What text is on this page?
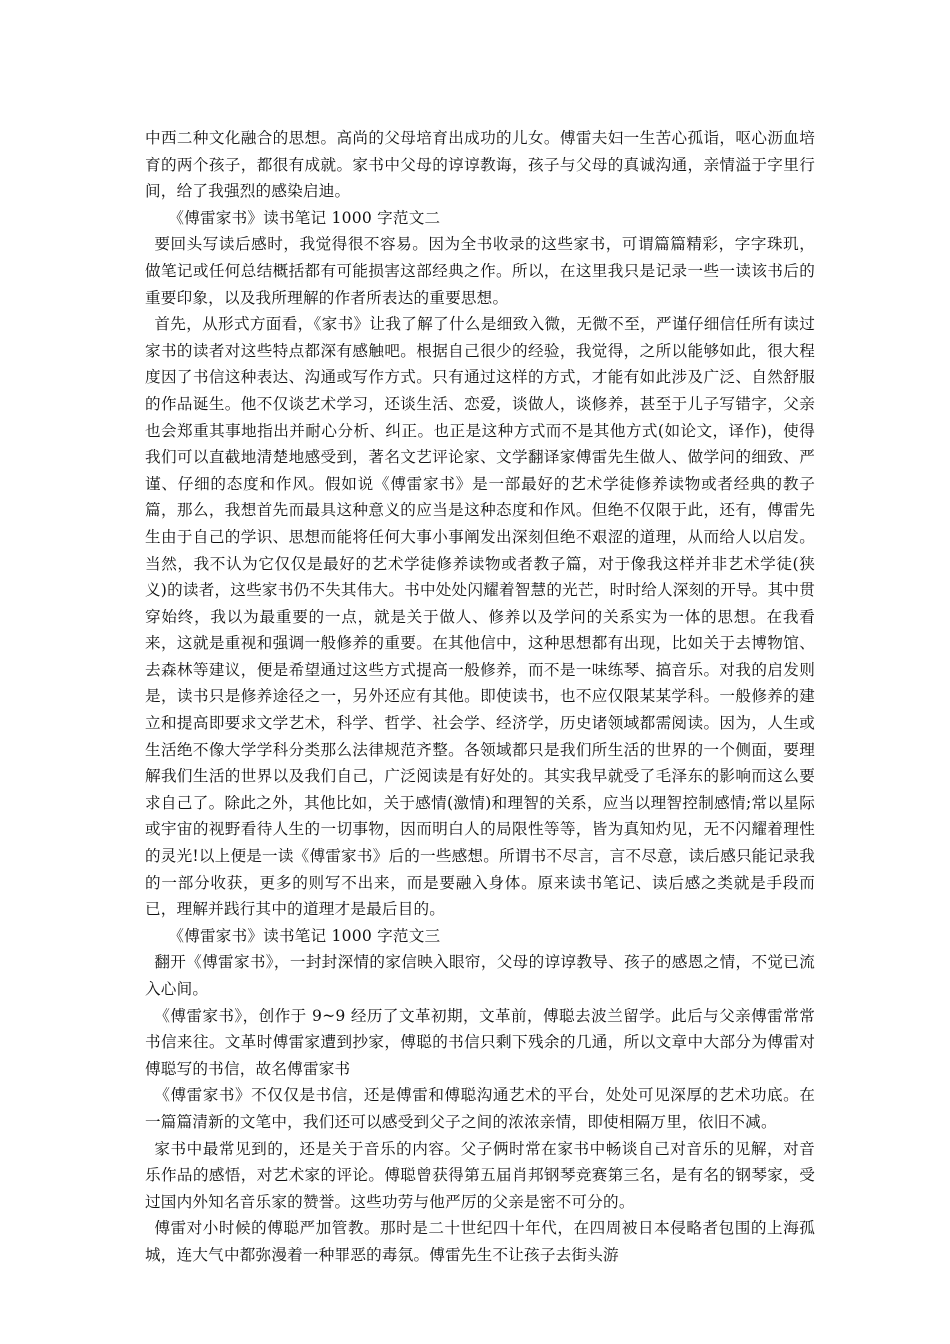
中西二种文化融合的思想。高尚的父母培育出成功的儿女。傅雷夫妇一生苦心孤诣，呕心沥血培育的两个孩子，都很有成就。家书中父母的谆谆教诲，孩子与父母的真诚沟通，亲情溢于字里行间，给了我强烈的感染启迪。

《傅雷家书》读书笔记 1000 字范文二

要回头写读后感时，我觉得很不容易。因为全书收录的这些家书，可谓篇篇精彩，字字珠玑，做笔记或任何总结概括都有可能损害这部经典之作。所以，在这里我只是记录一些一读该书后的重要印象，以及我所理解的作者所表达的重要思想。

首先，从形式方面看，《家书》让我了解了什么是细致入微，无微不至，严谨仔细信任所有读过家书的读者对这些特点都深有感触吧。根据自己很少的经验，我觉得，之所以能够如此，很大程度因了书信这种表达、沟通或写作方式。只有通过这样的方式，才能有如此涉及广泛、自然舒服的作品诞生。他不仅谈艺术学习，还谈生活、恋爱，谈做人，谈修养，甚至于儿子写错字，父亲也会郑重其事地指出并耐心分析、纠正。也正是这种方式而不是其他方式(如论文，译作)，使得我们可以直截地清楚地感受到，著名文艺评论家、文学翻译家傅雷先生做人、做学问的细致、严谨、仔细的态度和作风。假如说《傅雷家书》是一部最好的艺术学徒修养读物或者经典的教子篇，那么，我想首先而最具这种意义的应当是这种态度和作风。但绝不仅限于此，还有，傅雷先生由于自己的学识、思想而能将任何大事小事阐发出深刻但绝不艰涩的道理，从而给人以启发。当然，我不认为它仅仅是最好的艺术学徒修养读物或者教子篇，对于像我这样并非艺术学徒(狭义)的读者，这些家书仍不失其伟大。书中处处闪耀着智慧的光芒，时时给人深刻的开导。其中贯穿始终，我以为最重要的一点，就是关于做人、修养以及学问的关系实为一体的思想。在我看来，这就是重视和强调一般修养的重要。在其他信中，这种思想都有出现，比如关于去博物馆、去森林等建议，便是希望通过这些方式提高一般修养，而不是一味练琴、搞音乐。对我的启发则是，读书只是修养途径之一，另外还应有其他。即使读书，也不应仅限某某学科。一般修养的建立和提高即要求文学艺术，科学、哲学、社会学、经济学，历史诸领域都需阅读。因为，人生或生活绝不像大学学科分类那么法律规范齐整。各领域都只是我们所生活的世界的一个侧面，要理解我们生活的世界以及我们自己，广泛阅读是有好处的。其实我早就受了毛泽东的影响而这么要求自己了。除此之外，其他比如，关于感情(激情)和理智的关系，应当以理智控制感情;常以星际或宇宙的视野看待人生的一切事物，因而明白人的局限性等等，皆为真知灼见，无不闪耀着理性的灵光!以上便是一读《傅雷家书》后的一些感想。所谓书不尽言，言不尽意，读后感只能记录我的一部分收获，更多的则写不出来，而是要融入身体。原来读书笔记、读后感之类就是手段而已，理解并践行其中的道理才是最后目的。

《傅雷家书》读书笔记 1000 字范文三

翻开《傅雷家书》，一封封深情的家信映入眼帘，父母的谆谆教导、孩子的感恩之情，不觉已流入心间。

《傅雷家书》，创作于 9~9 经历了文革初期，文革前，傅聪去波兰留学。此后与父亲傅雷常常书信来往。文革时傅雷家遭到抄家，傅聪的书信只剩下残余的几通，所以文章中大部分为傅雷对傅聪写的书信，故名傅雷家书

《傅雷家书》不仅仅是书信，还是傅雷和傅聪沟通艺术的平台，处处可见深厚的艺术功底。在一篇篇清新的文笔中，我们还可以感受到父子之间的浓浓亲情，即使相隔万里，依旧不减。

家书中最常见到的，还是关于音乐的内容。父子俩时常在家书中畅谈自己对音乐的见解，对音乐作品的感悟，对艺术家的评论。傅聪曾获得第五届肖邦钢琴竞赛第三名，是有名的钢琴家，受过国内外知名音乐家的赞誉。这些功劳与他严厉的父亲是密不可分的。

傅雷对小时候的傅聪严加管教。那时是二十世纪四十年代，在四周被日本侵略者包围的上海孤城，连大气中都弥漫着一种罪恶的毒氛。傅雷先生不让孩子去街头游
